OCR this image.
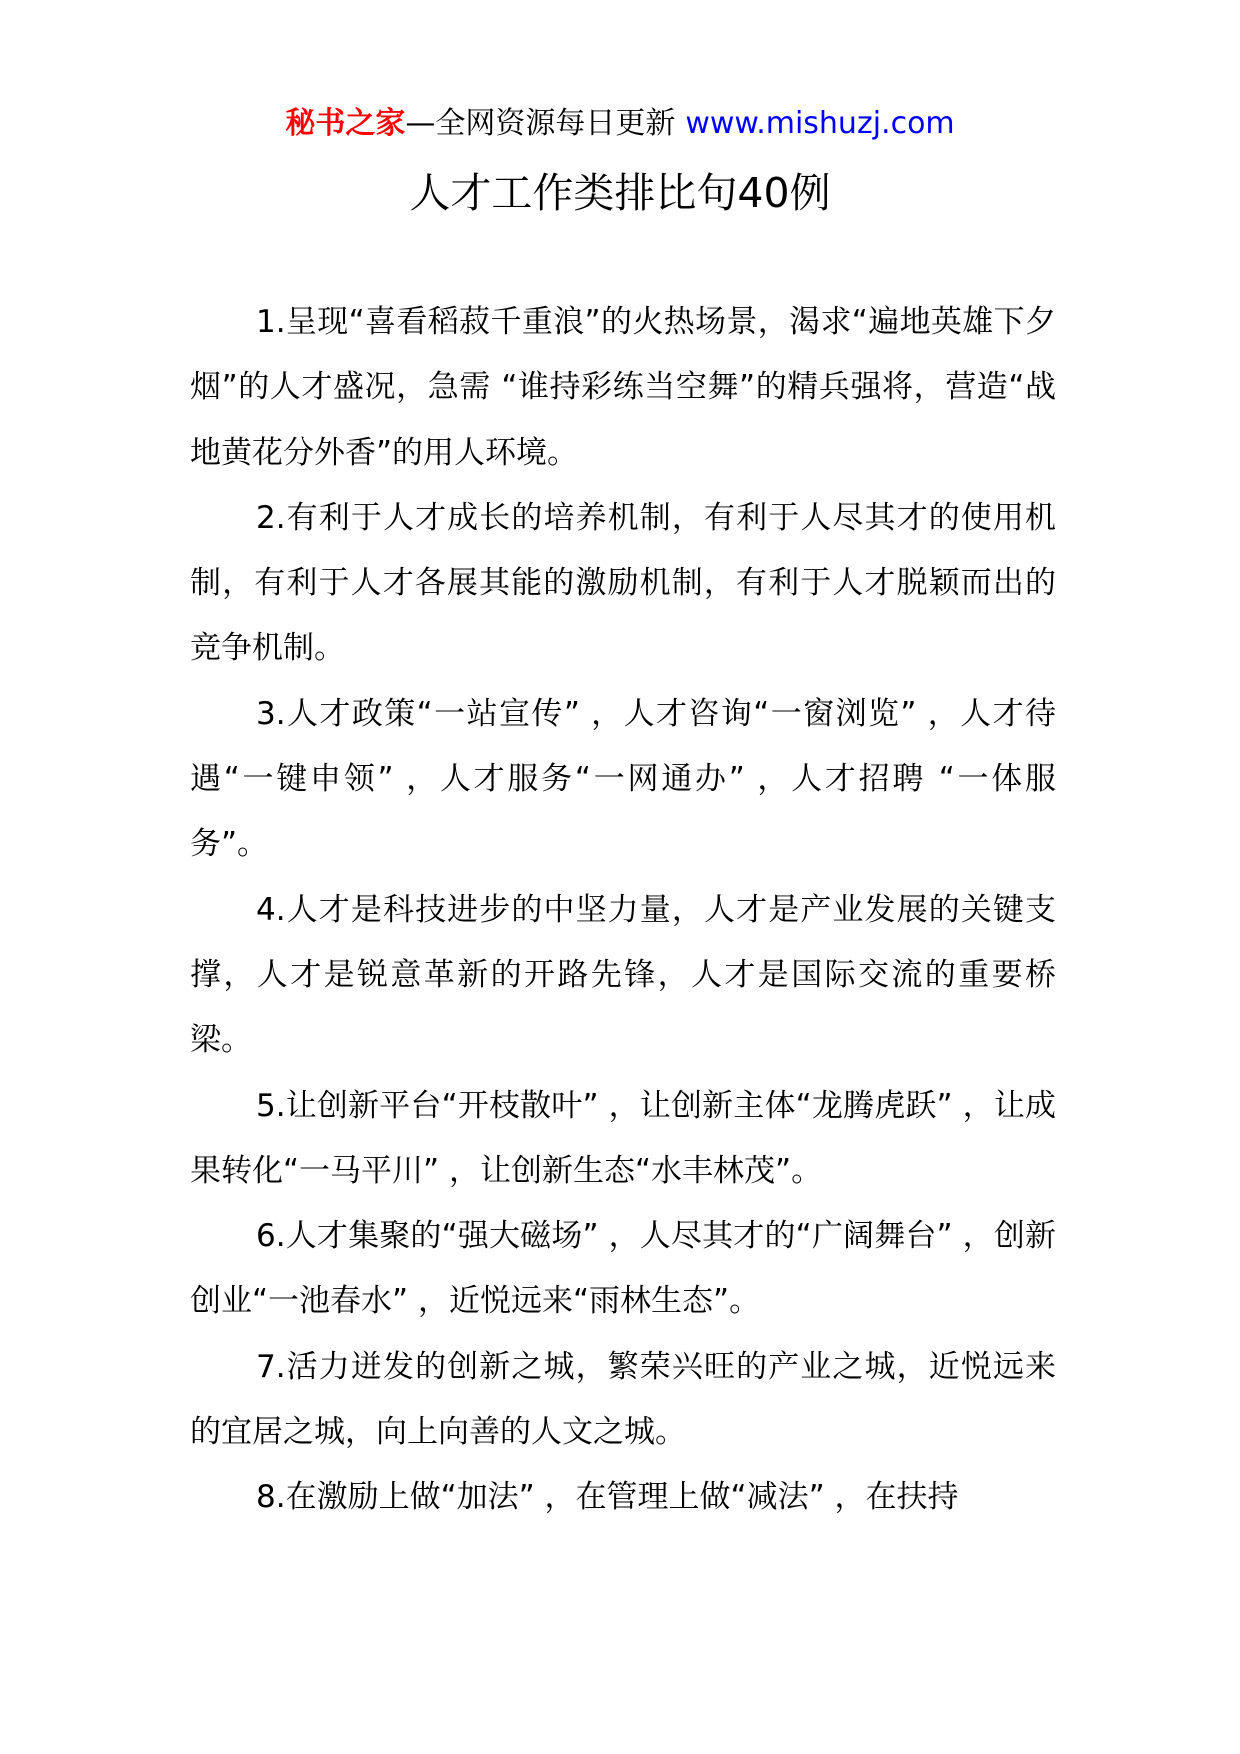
秘书之家—全网资源每日更新 www.mishuzj.com
人才工作类排比句40例

1.呈现“喜看稻菽千重浪”的火热场景，渴求“遍地英雄下夕烟”的人才盛况，急需 “谁持彩练当空舞”的精兵强将，营造“战地黄花分外香”的用人环境。

2.有利于人才成长的培养机制，有利于人尽其才的使用机制，有利于人才各展其能的激励机制，有利于人才脱颖而出的竞争机制。

3.人才政策“一站宣传” ，人才咨询“一窗浏览” ，人才待遇“一键申领” ，人才服务“一网通办” ，人才招聘 “一体服务”。

4.人才是科技进步的中坚力量，人才是产业发展的关键支撑，人才是锐意革新的开路先锋，人才是国际交流的重要桥梁。

5.让创新平台“开枝散叶” ，让创新主体“龙腾虎跃” ，让成果转化“一马平川” ，让创新生态“水丰林茂”。

6.人才集聚的“强大磁场” ，人尽其才的“广阔舞台” ，创新创业“一池春水” ，近悦远来“雨林生态”。

7.活力迸发的创新之城，繁荣兴旺的产业之城，近悦远来的宜居之城，向上向善的人文之城。

8.在激励上做“加法” ，在管理上做“减法” ，在扶持
